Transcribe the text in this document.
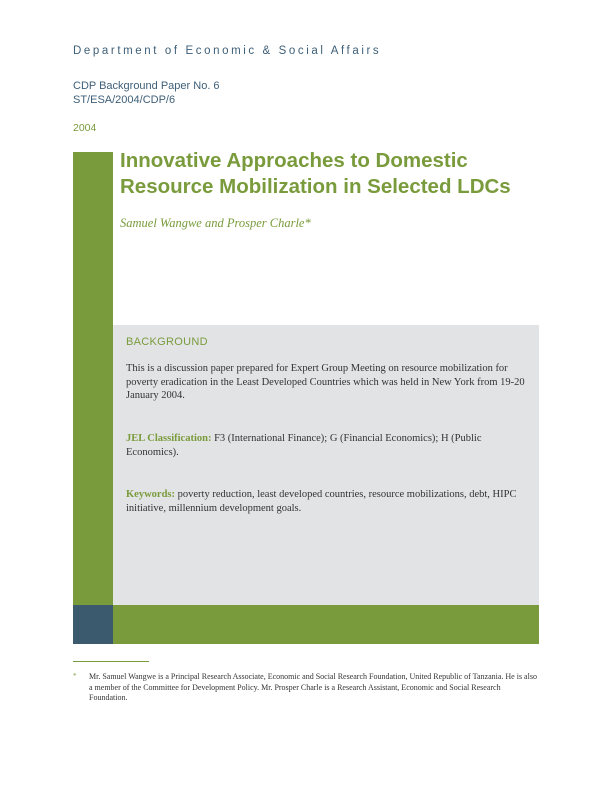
Department of Economic & Social Affairs
CDP Background Paper No. 6
ST/ESA/2004/CDP/6
2004
Innovative Approaches to Domestic
Resource Mobilization in Selected LDCs
Samuel Wangwe and Prosper Charle*
BACKGROUND

This is a discussion paper prepared for Expert Group Meeting on resource mobilization for poverty eradication in the Least Developed Countries which was held in New York from 19-20 January 2004.

JEL Classification: F3 (International Finance); G (Financial Economics); H (Public Economics).

Keywords: poverty reduction, least developed countries, resource mobilizations, debt, HIPC initiative, millennium development goals.

* Mr. Samuel Wangwe is a Principal Research Associate, Economic and Social Research Foundation, United Republic of Tanzania. He is also a member of the Committee for Development Policy. Mr. Prosper Charle is a Research Assistant, Economic and Social Research Foundation.
